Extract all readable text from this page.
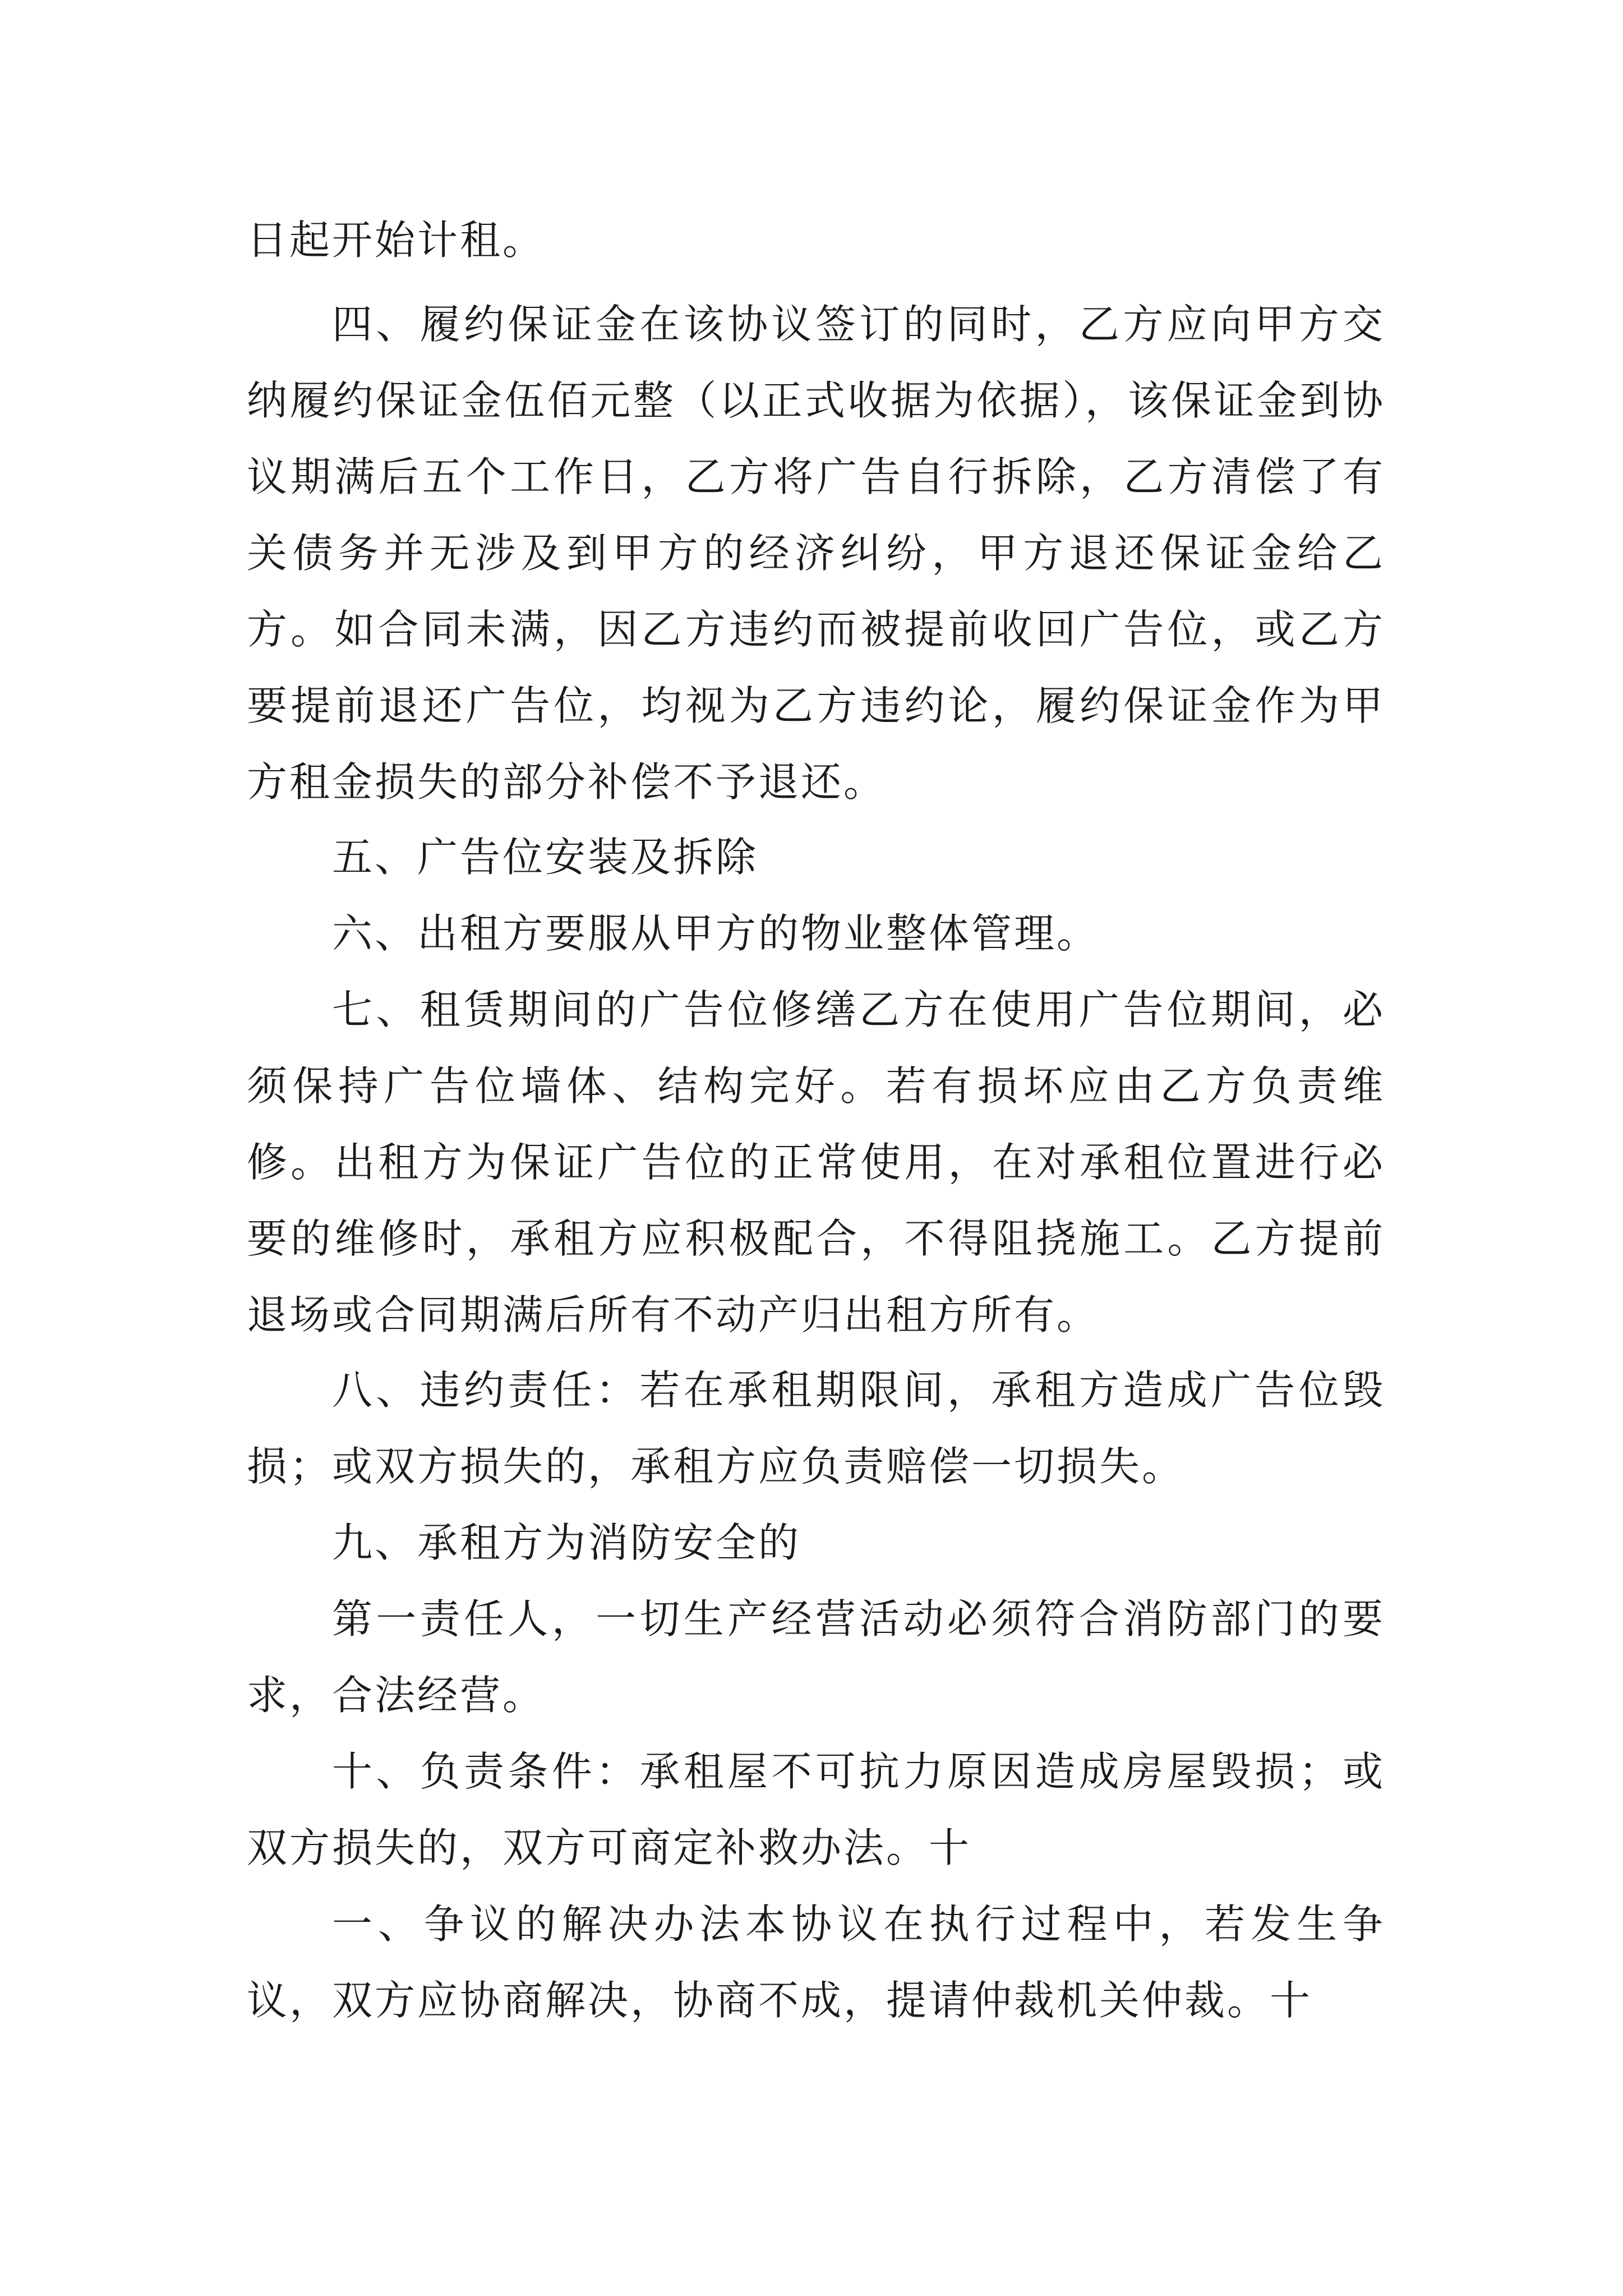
日起开始计租。

四、履约保证金在该协议签订的同时，乙方应向甲方交纳履约保证金伍佰元整（以正式收据为依据），该保证金到协议期满后五个工作日，乙方将广告自行拆除，乙方清偿了有关债务并无涉及到甲方的经济纠纷，甲方退还保证金给乙方。如合同未满，因乙方违约而被提前收回广告位，或乙方要提前退还广告位，均视为乙方违约论，履约保证金作为甲方租金损失的部分补偿不予退还。

五、广告位安装及拆除

六、出租方要服从甲方的物业整体管理。

七、租赁期间的广告位修缮乙方在使用广告位期间，必须保持广告位墙体、结构完好。若有损坏应由乙方负责维修。出租方为保证广告位的正常使用，在对承租位置进行必要的维修时，承租方应积极配合，不得阻挠施工。乙方提前退场或合同期满后所有不动产归出租方所有。

八、违约责任：若在承租期限间，承租方造成广告位毁损；或双方损失的，承租方应负责赔偿一切损失。

九、承租方为消防安全的

第一责任人，一切生产经营活动必须符合消防部门的要求，合法经营。

十、负责条件：承租屋不可抗力原因造成房屋毁损；或双方损失的，双方可商定补救办法。十

一、争议的解决办法本协议在执行过程中，若发生争议，双方应协商解决，协商不成，提请仲裁机关仲裁。十
